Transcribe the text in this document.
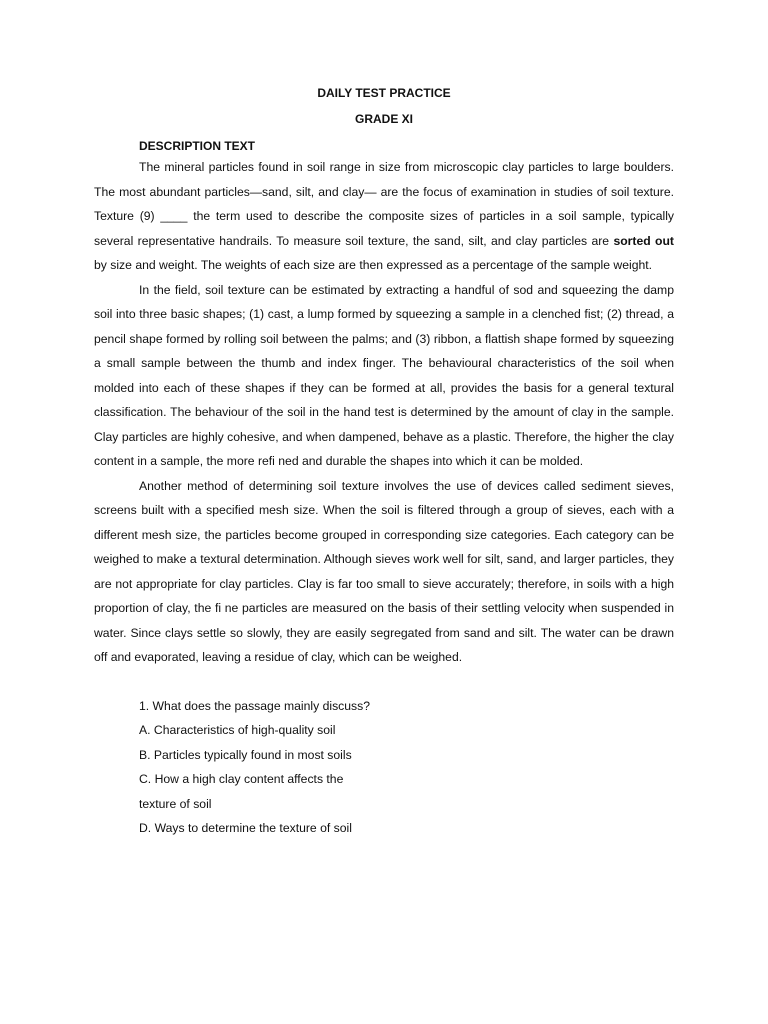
DAILY TEST PRACTICE

GRADE XI

DESCRIPTION TEXT

The mineral particles found in soil range in size from microscopic clay particles to large boulders. The most abundant particles—sand, silt, and clay— are the focus of examination in studies of soil texture. Texture (9) ____ the term used to describe the composite sizes of particles in a soil sample, typically several representative handrails. To measure soil texture, the sand, silt, and clay particles are sorted out by size and weight. The weights of each size are then expressed as a percentage of the sample weight.

In the field, soil texture can be estimated by extracting a handful of sod and squeezing the damp soil into three basic shapes; (1) cast, a lump formed by squeezing a sample in a clenched fist; (2) thread, a pencil shape formed by rolling soil between the palms; and (3) ribbon, a flattish shape formed by squeezing a small sample between the thumb and index finger. The behavioural characteristics of the soil when molded into each of these shapes if they can be formed at all, provides the basis for a general textural classification. The behaviour of the soil in the hand test is determined by the amount of clay in the sample. Clay particles are highly cohesive, and when dampened, behave as a plastic. Therefore, the higher the clay content in a sample, the more refi ned and durable the shapes into which it can be molded.

Another method of determining soil texture involves the use of devices called sediment sieves, screens built with a specified mesh size. When the soil is filtered through a group of sieves, each with a different mesh size, the particles become grouped in corresponding size categories. Each category can be weighed to make a textural determination. Although sieves work well for silt, sand, and larger particles, they are not appropriate for clay particles. Clay is far too small to sieve accurately; therefore, in soils with a high proportion of clay, the fi ne particles are measured on the basis of their settling velocity when suspended in water. Since clays settle so slowly, they are easily segregated from sand and silt. The water can be drawn off and evaporated, leaving a residue of clay, which can be weighed.

1. What does the passage mainly discuss?
A. Characteristics of high-quality soil
B. Particles typically found in most soils
C. How a high clay content affects the
texture of soil
D. Ways to determine the texture of soil
